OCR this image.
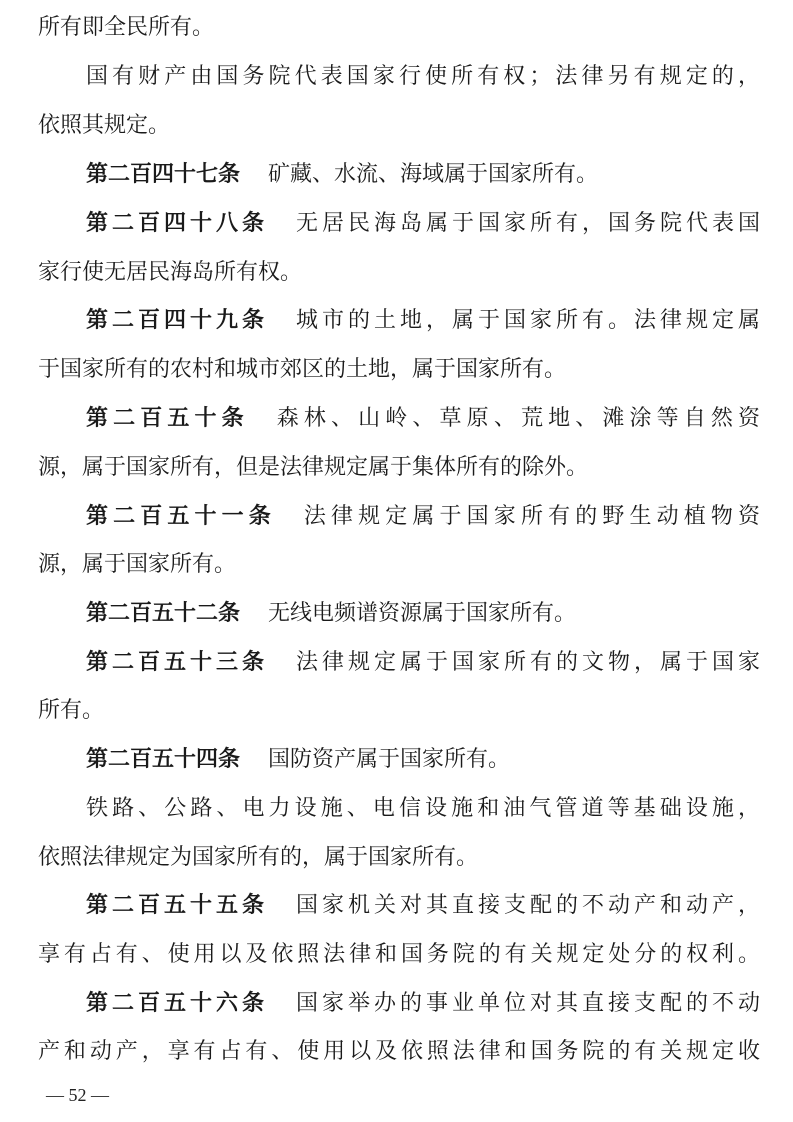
所有即全民所有。
国有财产由国务院代表国家行使所有权；法律另有规定的，
依照其规定。
第二百四十七条 矿藏、水流、海域属于国家所有。
第二百四十八条 无居民海岛属于国家所有，国务院代表国
家行使无居民海岛所有权。
第二百四十九条 城市的土地，属于国家所有。法律规定属
于国家所有的农村和城市郊区的土地，属于国家所有。
第二百五十条 森林、山岭、草原、荒地、滩涂等自然资
源，属于国家所有，但是法律规定属于集体所有的除外。
第二百五十一条 法律规定属于国家所有的野生动植物资
源，属于国家所有。
第二百五十二条 无线电频谱资源属于国家所有。
第二百五十三条 法律规定属于国家所有的文物，属于国家
所有。
第二百五十四条 国防资产属于国家所有。
铁路、公路、电力设施、电信设施和油气管道等基础设施，
依照法律规定为国家所有的，属于国家所有。
第二百五十五条 国家机关对其直接支配的不动产和动产，
享有占有、使用以及依照法律和国务院的有关规定处分的权利。
第二百五十六条 国家举办的事业单位对其直接支配的不动
产和动产，享有占有、使用以及依照法律和国务院的有关规定收
— 52 —
